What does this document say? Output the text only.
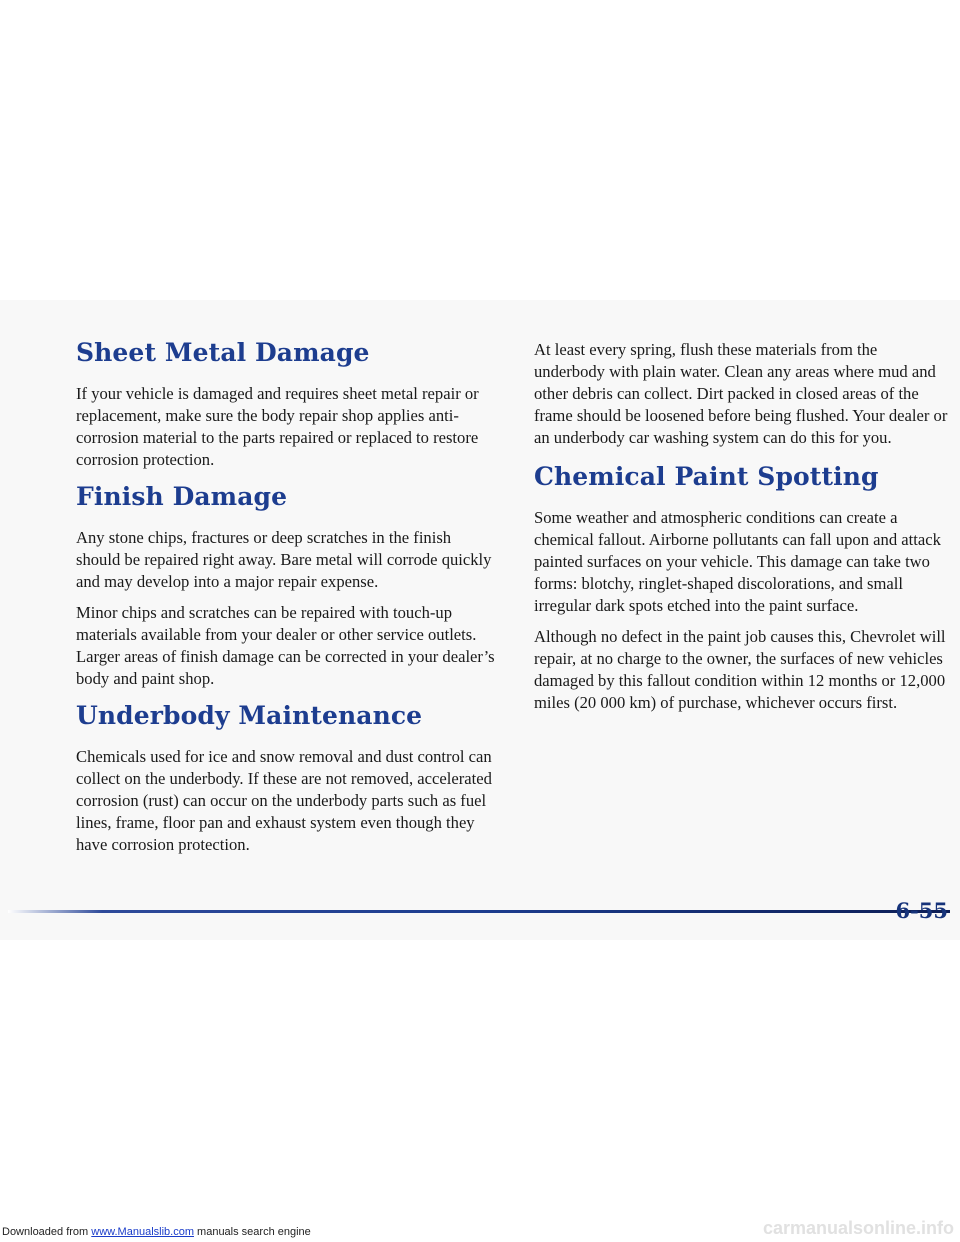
Sheet Metal Damage

If your vehicle is damaged and requires sheet metal repair or replacement, make sure the body repair shop applies anti-corrosion material to the parts repaired or replaced to restore corrosion protection.

Finish Damage

Any stone chips, fractures or deep scratches in the finish should be repaired right away. Bare metal will corrode quickly and may develop into a major repair expense.

Minor chips and scratches can be repaired with touch-up materials available from your dealer or other service outlets. Larger areas of finish damage can be corrected in your dealer’s body and paint shop.

Underbody Maintenance

Chemicals used for ice and snow removal and dust control can collect on the underbody. If these are not removed, accelerated corrosion (rust) can occur on the underbody parts such as fuel lines, frame, floor pan and exhaust system even though they have corrosion protection.

At least every spring, flush these materials from the underbody with plain water. Clean any areas where mud and other debris can collect. Dirt packed in closed areas of the frame should be loosened before being flushed. Your dealer or an underbody car washing system can do this for you.

Chemical Paint Spotting

Some weather and atmospheric conditions can create a chemical fallout. Airborne pollutants can fall upon and attack painted surfaces on your vehicle. This damage can take two forms: blotchy, ringlet-shaped discolorations, and small irregular dark spots etched into the paint surface.

Although no defect in the paint job causes this, Chevrolet will repair, at no charge to the owner, the surfaces of new vehicles damaged by this fallout condition within 12 months or 12,000 miles (20 000 km) of purchase, whichever occurs first.

6-55
Downloaded from www.Manualslib.com manuals search engine	carmanualsonline.info
